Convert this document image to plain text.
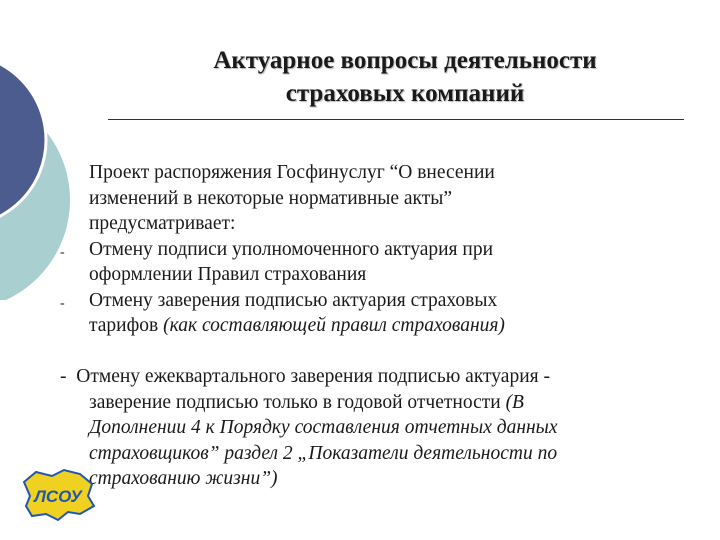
Актуарное вопросы деятельности
страховых компаний
Проект распоряжения Госфинуслуг “О внесении
изменений в некоторые нормативные акты”
предусматривает:
- Отмену подписи уполномоченного актуария при
оформлении Правил страхования
- Отмену заверения подписью актуария страховых
тарифов (как составляющей правил страхования)
- Отмену ежеквартального заверения подписью актуария -
заверение подписью только в годовой отчетности (В
Дополнении 4 к Порядку составления отчетных данных
страховщиков” раздел 2 „Показатели деятельности по
страхованию жизни”)
ЛСОУ
